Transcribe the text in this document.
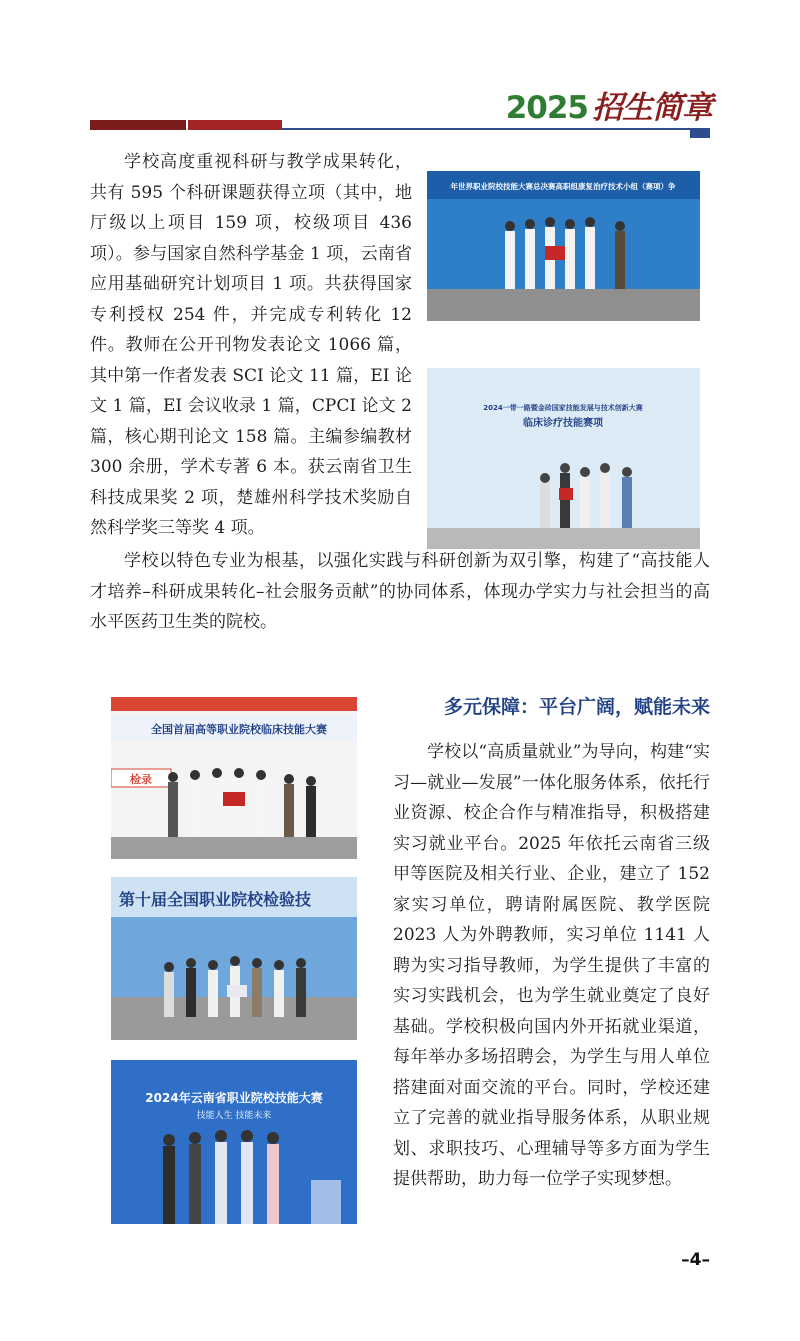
2025 招生简章

学校高度重视科研与教学成果转化，共有 595 个科研课题获得立项（其中，地厅级以上项目 159 项，校级项目 436 项）。参与国家自然科学基金 1 项，云南省应用基础研究计划项目 1 项。共获得国家专利授权 254 件，并完成专利转化 12 件。教师在公开刊物发表论文 1066 篇，其中第一作者发表 SCI 论文 11 篇，EI 论文 1 篇，EI 会议收录 1 篇，CPCI 论文 2 篇，核心期刊论文 158 篇。主编参编教材 300 余册，学术专著 6 本。获云南省卫生科技成果奖 2 项，楚雄州科学技术奖励自然科学奖三等奖 4 项。

年世界职业院校技能大赛总决赛高职组康复治疗技术小组（赛项）争
2024一带一路暨金砖国家技能发展与技术创新大赛
临床诊疗技能赛项

学校以特色专业为根基，以强化实践与科研创新为双引擎，构建了“高技能人才培养–科研成果转化–社会服务贡献”的协同体系，体现办学实力与社会担当的高水平医药卫生类的院校。

多元保障：平台广阔，赋能未来
全国首届高等职业院校临床技能大赛
检录
第十届全国职业院校检验技
2024年云南省职业院校技能大赛
技能人生 技能未来

学校以“高质量就业”为导向，构建“实习—就业—发展”一体化服务体系，依托行业资源、校企合作与精准指导，积极搭建实习就业平台。2025 年依托云南省三级甲等医院及相关行业、企业，建立了 152 家实习单位，聘请附属医院、教学医院 2023 人为外聘教师，实习单位 1141 人聘为实习指导教师，为学生提供了丰富的实习实践机会，也为学生就业奠定了良好基础。学校积极向国内外开拓就业渠道，每年举办多场招聘会，为学生与用人单位搭建面对面交流的平台。同时，学校还建立了完善的就业指导服务体系，从职业规划、求职技巧、心理辅导等多方面为学生提供帮助，助力每一位学子实现梦想。

–4–
